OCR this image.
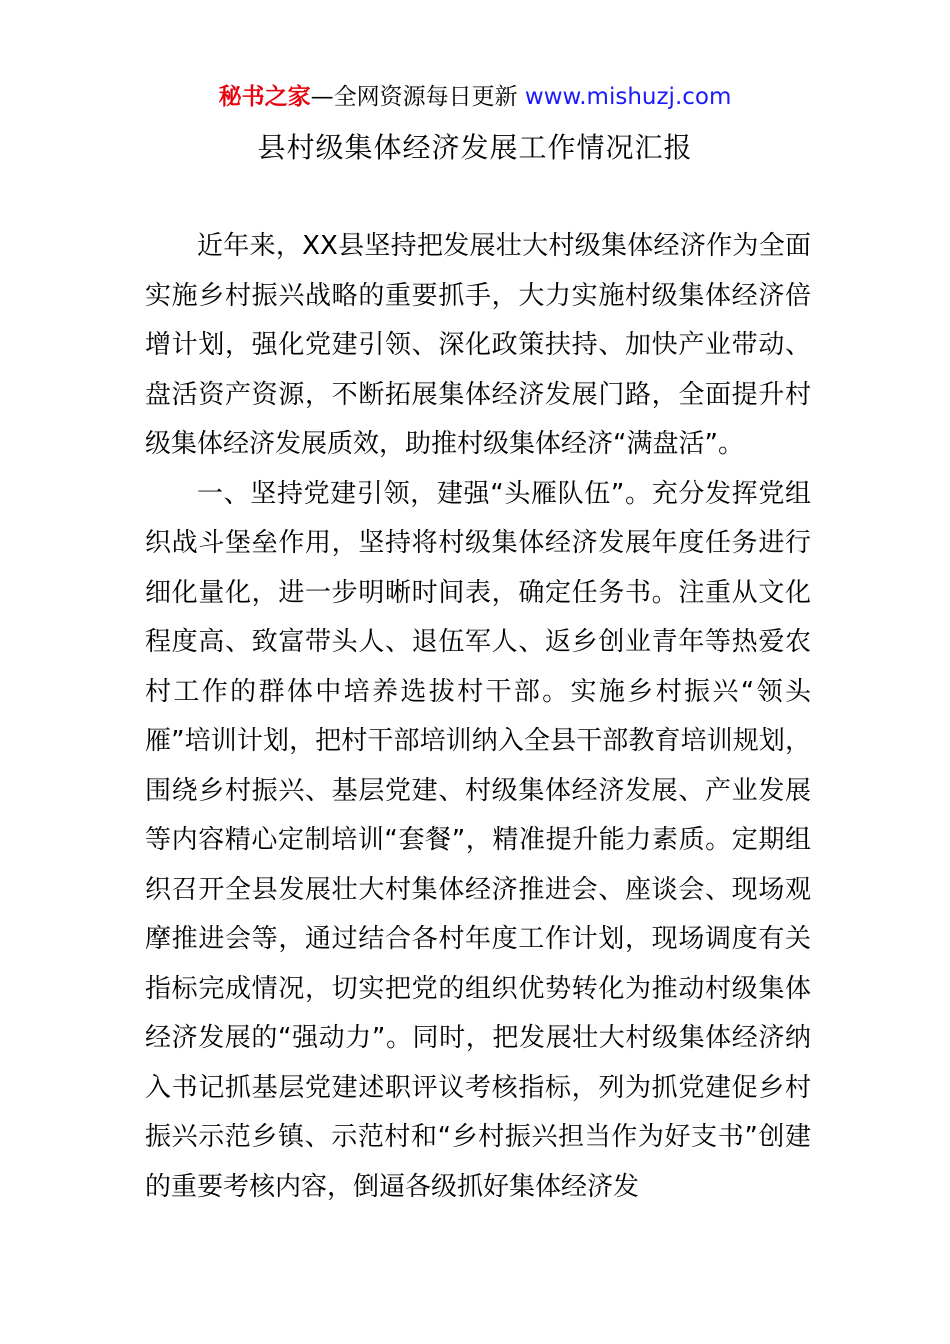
秘书之家—全网资源每日更新 www.mishuzj.com
县村级集体经济发展工作情况汇报

近年来，XX县坚持把发展壮大村级集体经济作为全面实施乡村振兴战略的重要抓手，大力实施村级集体经济倍增计划，强化党建引领、深化政策扶持、加快产业带动、盘活资产资源，不断拓展集体经济发展门路，全面提升村级集体经济发展质效，助推村级集体经济“满盘活”。

一、坚持党建引领，建强“头雁队伍”。充分发挥党组织战斗堡垒作用，坚持将村级集体经济发展年度任务进行细化量化，进一步明晰时间表，确定任务书。注重从文化程度高、致富带头人、退伍军人、返乡创业青年等热爱农村工作的群体中培养选拔村干部。实施乡村振兴“领头雁”培训计划，把村干部培训纳入全县干部教育培训规划，围绕乡村振兴、基层党建、村级集体经济发展、产业发展等内容精心定制培训“套餐”，精准提升能力素质。定期组织召开全县发展壮大村集体经济推进会、座谈会、现场观摩推进会等，通过结合各村年度工作计划，现场调度有关指标完成情况，切实把党的组织优势转化为推动村级集体经济发展的“强动力”。同时，把发展壮大村级集体经济纳入书记抓基层党建述职评议考核指标，列为抓党建促乡村振兴示范乡镇、示范村和“乡村振兴担当作为好支书”创建的重要考核内容，倒逼各级抓好集体经济发
